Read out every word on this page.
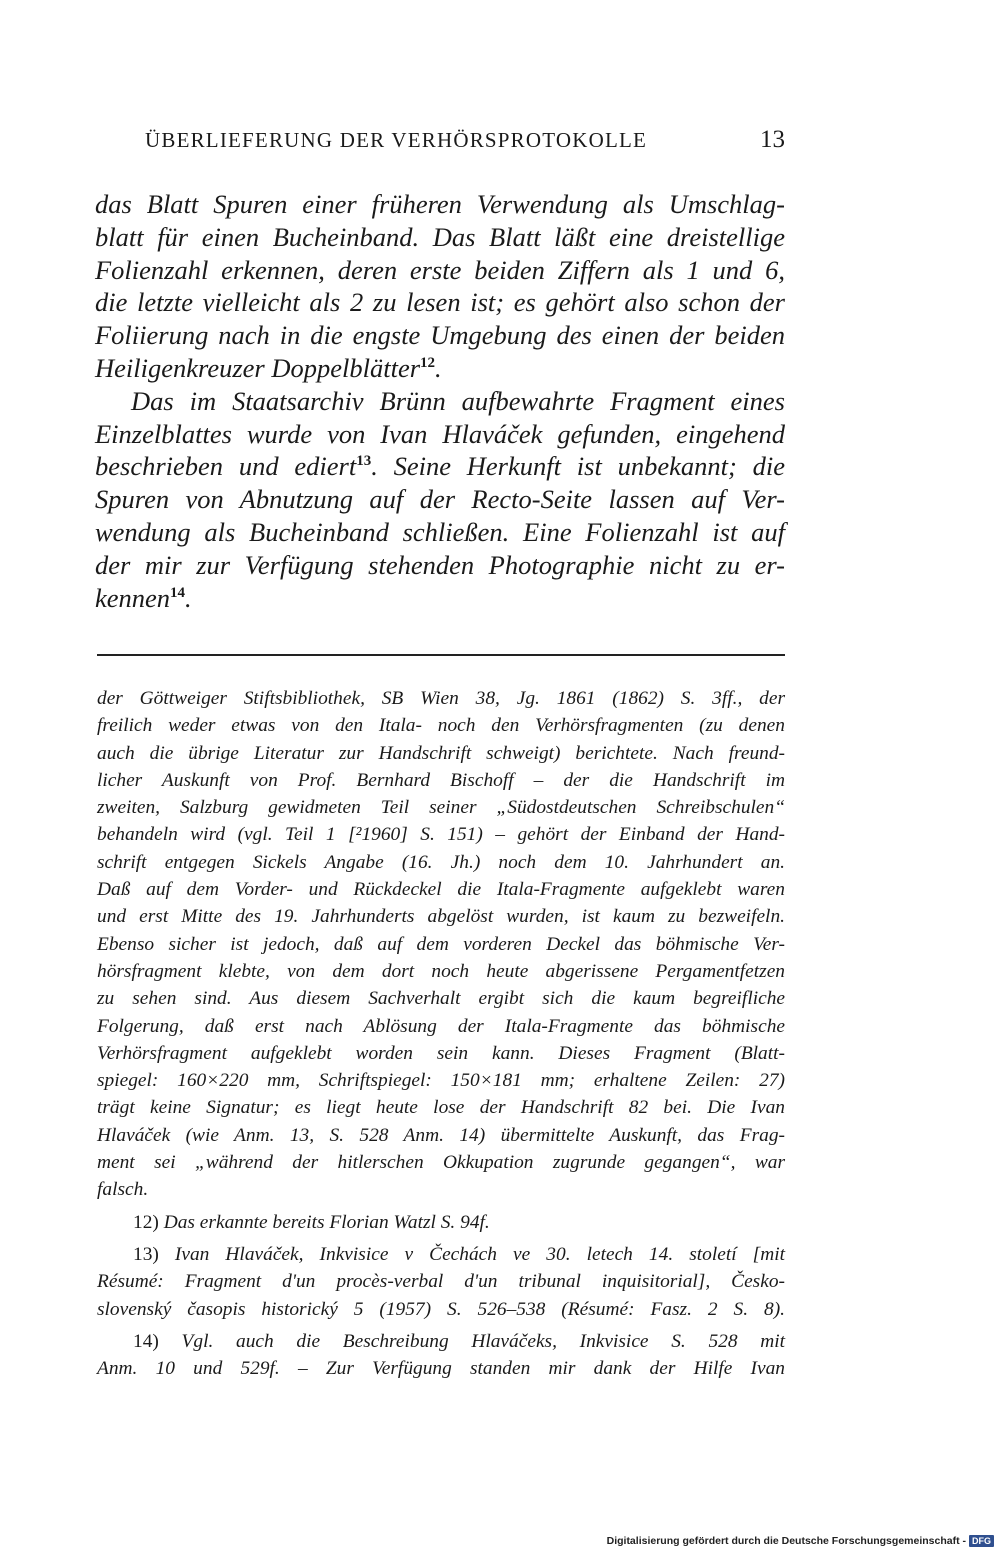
ÜBERLIEFERUNG DER VERHÖRSPROTOKOLLE	13
das Blatt Spuren einer früheren Verwendung als Umschlag-
blatt für einen Bucheinband. Das Blatt läßt eine dreistellige
Folienzahl erkennen, deren erste beiden Ziffern als 1 und 6,
die letzte vielleicht als 2 zu lesen ist; es gehört also schon der
Foliierung nach in die engste Umgebung des einen der beiden
Heiligenkreuzer Doppelblätter$^{12}$.
Das im Staatsarchiv Brünn aufbewahrte Fragment eines
Einzelblattes wurde von Ivan Hlaváček gefunden, eingehend
beschrieben und ediert$^{13}$. Seine Herkunft ist unbekannt; die
Spuren von Abnutzung auf der Recto-Seite lassen auf Ver-
wendung als Bucheinband schließen. Eine Folienzahl ist auf
der mir zur Verfügung stehenden Photographie nicht zu er-
kennen$^{14}$.
der Göttweiger Stiftsbibliothek, SB Wien 38, Jg. 1861 (1862) S. 3ff., der
freilich weder etwas von den Itala- noch den Verhörsfragmenten (zu denen
auch die übrige Literatur zur Handschrift schweigt) berichtete. Nach freund-
licher Auskunft von Prof. Bernhard Bischoff – der die Handschrift im
zweiten, Salzburg gewidmeten Teil seiner „Südostdeutschen Schreibschulen“
behandeln wird (vgl. Teil 1 [²1960] S. 151) – gehört der Einband der Hand-
schrift entgegen Sickels Angabe (16. Jh.) noch dem 10. Jahrhundert an.
Daß auf dem Vorder- und Rückdeckel die Itala-Fragmente aufgeklebt waren
und erst Mitte des 19. Jahrhunderts abgelöst wurden, ist kaum zu bezweifeln.
Ebenso sicher ist jedoch, daß auf dem vorderen Deckel das böhmische Ver-
hörsfragment klebte, von dem dort noch heute abgerissene Pergamentfetzen
zu sehen sind. Aus diesem Sachverhalt ergibt sich die kaum begreifliche
Folgerung, daß erst nach Ablösung der Itala-Fragmente das böhmische
Verhörsfragment aufgeklebt worden sein kann. Dieses Fragment (Blatt-
spiegel: 160×220 mm, Schriftspiegel: 150×181 mm; erhaltene Zeilen: 27)
trägt keine Signatur; es liegt heute lose der Handschrift 82 bei. Die Ivan
Hlaváček (wie Anm. 13, S. 528 Anm. 14) übermittelte Auskunft, das Frag-
ment sei „während der hitlerschen Okkupation zugrunde gegangen“, war
falsch.
12) Das erkannte bereits Florian Watzl S. 94f.
13) Ivan Hlaváček, Inkvisice v Čechách ve 30. letech 14. století [mit
Résumé: Fragment d'un procès-verbal d'un tribunal inquisitorial], Česko-
slovenský časopis historický 5 (1957) S. 526–538 (Résumé: Fasz. 2 S. 8).
14) Vgl. auch die Beschreibung Hlaváčeks, Inkvisice S. 528 mit
Anm. 10 und 529f. – Zur Verfügung standen mir dank der Hilfe Ivan
Digitalisierung gefördert durch die Deutsche Forschungsgemeinschaft - DFG
